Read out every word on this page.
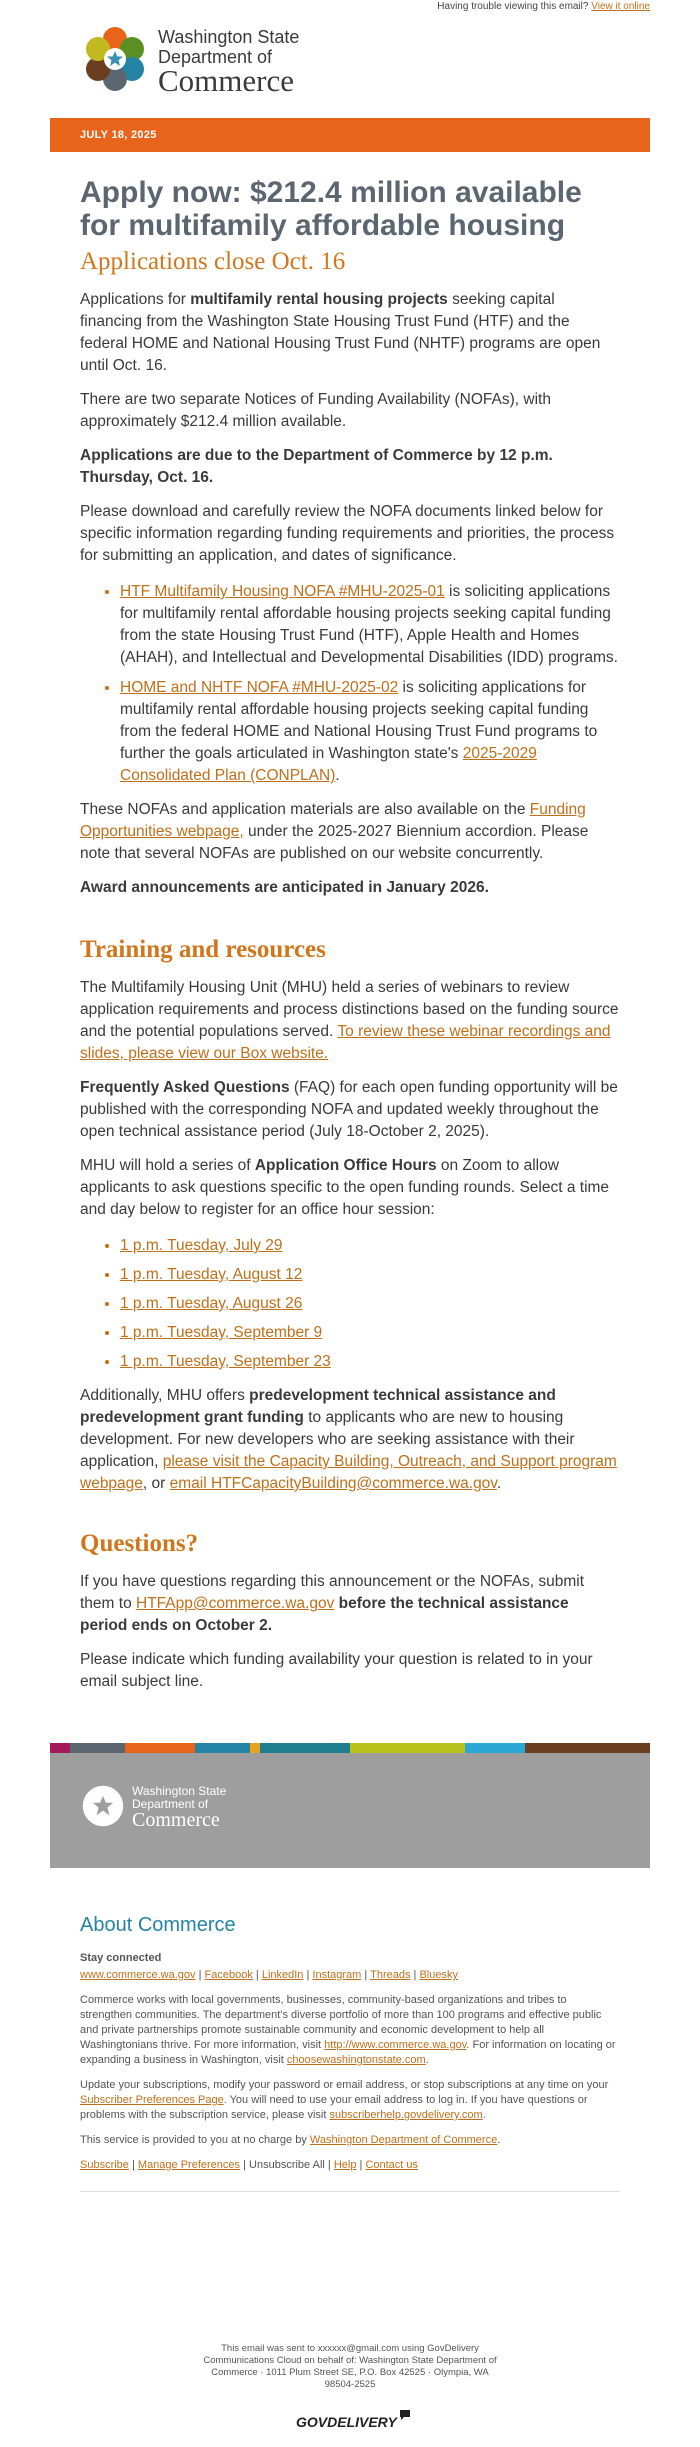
Having trouble viewing this email? View it online
Washington State
Department of
Commerce
JULY 18, 2025
Apply now: $212.4 million available for multifamily affordable housing
Applications close Oct. 16

Applications for multifamily rental housing projects seeking capital financing from the Washington State Housing Trust Fund (HTF) and the federal HOME and National Housing Trust Fund (NHTF) programs are open until Oct. 16.

There are two separate Notices of Funding Availability (NOFAs), with approximately $212.4 million available.

Applications are due to the Department of Commerce by 12 p.m. Thursday, Oct. 16.

Please download and carefully review the NOFA documents linked below for specific information regarding funding requirements and priorities, the process for submitting an application, and dates of significance.

• HTF Multifamily Housing NOFA #MHU-2025-01 is soliciting applications for multifamily rental affordable housing projects seeking capital funding from the state Housing Trust Fund (HTF), Apple Health and Homes (AHAH), and Intellectual and Developmental Disabilities (IDD) programs.
• HOME and NHTF NOFA #MHU-2025-02 is soliciting applications for multifamily rental affordable housing projects seeking capital funding from the federal HOME and National Housing Trust Fund programs to further the goals articulated in Washington state's 2025-2029 Consolidated Plan (CONPLAN).

These NOFAs and application materials are also available on the Funding Opportunities webpage, under the 2025-2027 Biennium accordion. Please note that several NOFAs are published on our website concurrently.

Award announcements are anticipated in January 2026.

Training and resources

The Multifamily Housing Unit (MHU) held a series of webinars to review application requirements and process distinctions based on the funding source and the potential populations served. To review these webinar recordings and slides, please view our Box website.

Frequently Asked Questions (FAQ) for each open funding opportunity will be published with the corresponding NOFA and updated weekly throughout the open technical assistance period (July 18-October 2, 2025).

MHU will hold a series of Application Office Hours on Zoom to allow applicants to ask questions specific to the open funding rounds. Select a time and day below to register for an office hour session:

• 1 p.m. Tuesday, July 29
• 1 p.m. Tuesday, August 12
• 1 p.m. Tuesday, August 26
• 1 p.m. Tuesday, September 9
• 1 p.m. Tuesday, September 23

Additionally, MHU offers predevelopment technical assistance and predevelopment grant funding to applicants who are new to housing development. For new developers who are seeking assistance with their application, please visit the Capacity Building, Outreach, and Support program webpage, or email HTFCapacityBuilding@commerce.wa.gov.

Questions?

If you have questions regarding this announcement or the NOFAs, submit them to HTFApp@commerce.wa.gov before the technical assistance period ends on October 2.

Please indicate which funding availability your question is related to in your email subject line.

Washington State
Department of
Commerce
About Commerce
Stay connected

www.commerce.wa.gov | Facebook | LinkedIn | Instagram | Threads | Bluesky

Commerce works with local governments, businesses, community-based organizations and tribes to strengthen communities. The department's diverse portfolio of more than 100 programs and effective public and private partnerships promote sustainable community and economic development to help all Washingtonians thrive. For more information, visit http://www.commerce.wa.gov. For information on locating or expanding a business in Washington, visit choosewashingtonstate.com.

Update your subscriptions, modify your password or email address, or stop subscriptions at any time on your Subscriber Preferences Page. You will need to use your email address to log in. If you have questions or problems with the subscription service, please visit subscriberhelp.govdelivery.com.

This service is provided to you at no charge by Washington Department of Commerce.

Subscribe | Manage Preferences | Unsubscribe All | Help | Contact us

This email was sent to xxxxxx@gmail.com using GovDelivery Communications Cloud on behalf of: Washington State Department of Commerce · 1011 Plum Street SE, P.O. Box 42525 · Olympia, WA 98504-2525
GOVDELIVERY
